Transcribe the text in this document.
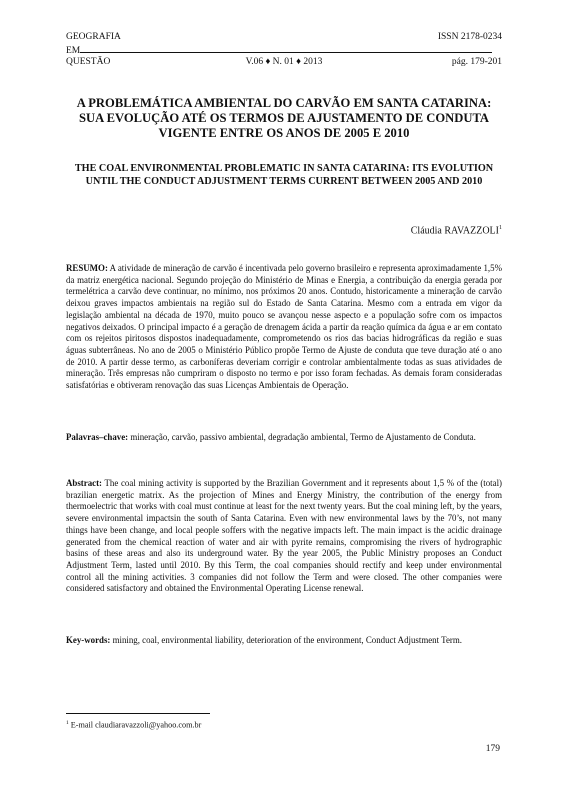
GEOGRAFIA	ISSN 2178-0234
EM
QUESTÃO	V.06 ♦ N. 01 ♦ 2013	pág. 179-201
A PROBLEMÁTICA AMBIENTAL DO CARVÃO EM SANTA CATARINA: SUA EVOLUÇÃO ATÉ OS TERMOS DE AJUSTAMENTO DE CONDUTA VIGENTE ENTRE OS ANOS DE 2005 E 2010
THE COAL ENVIRONMENTAL PROBLEMATIC IN SANTA CATARINA: ITS EVOLUTION UNTIL THE CONDUCT ADJUSTMENT TERMS CURRENT BETWEEN 2005 AND 2010
Cláudia RAVAZZOLI$^1$
RESUMO: A atividade de mineração de carvão é incentivada pelo governo brasileiro e representa aproximadamente 1,5% da matriz energética nacional. Segundo projeção do Ministério de Minas e Energia, a contribuição da energia gerada por termelétrica a carvão deve continuar, no mínimo, nos próximos 20 anos. Contudo, historicamente a mineração de carvão deixou graves impactos ambientais na região sul do Estado de Santa Catarina. Mesmo com a entrada em vigor da legislação ambiental na década de 1970, muito pouco se avançou nesse aspecto e a população sofre com os impactos negativos deixados. O principal impacto é a geração de drenagem ácida a partir da reação química da água e ar em contato com os rejeitos piritosos dispostos inadequadamente, comprometendo os rios das bacias hidrográficas da região e suas águas subterrâneas. No ano de 2005 o Ministério Público propõe Termo de Ajuste de conduta que teve duração até o ano de 2010. A partir desse termo, as carboníferas deveriam corrigir e controlar ambientalmente todas as suas atividades de mineração. Três empresas não cumpriram o disposto no termo e por isso foram fechadas. As demais foram consideradas satisfatórias e obtiveram renovação das suas Licenças Ambientais de Operação.
Palavras–chave: mineração, carvão, passivo ambiental, degradação ambiental, Termo de Ajustamento de Conduta.
Abstract: The coal mining activity is supported by the Brazilian Government and it represents about 1,5 % of the (total) brazilian energetic matrix. As the projection of Mines and Energy Ministry, the contribution of the energy from thermoelectric that works with coal must continue at least for the next twenty years. But the coal mining left, by the years, severe environmental impactsin the south of Santa Catarina. Even with new environmental laws by the 70’s, not many things have been change, and local people soffers with the negative impacts left. The main impact is the acidic drainage generated from the chemical reaction of water and air with pyrite remains, compromising the rivers of hydrographic basins of these areas and also its underground water. By the year 2005, the Public Ministry proposes an Conduct Adjustment Term, lasted until 2010. By this Term, the coal companies should rectify and keep under environmental control all the mining activities. 3 companies did not follow the Term and were closed. The other companies were considered satisfactory and obtained the Environmental Operating License renewal.
Key-words: mining, coal, environmental liability, deterioration of the environment, Conduct Adjustment Term.
$^1$ E-mail claudiaravazzoli@yahoo.com.br
179
